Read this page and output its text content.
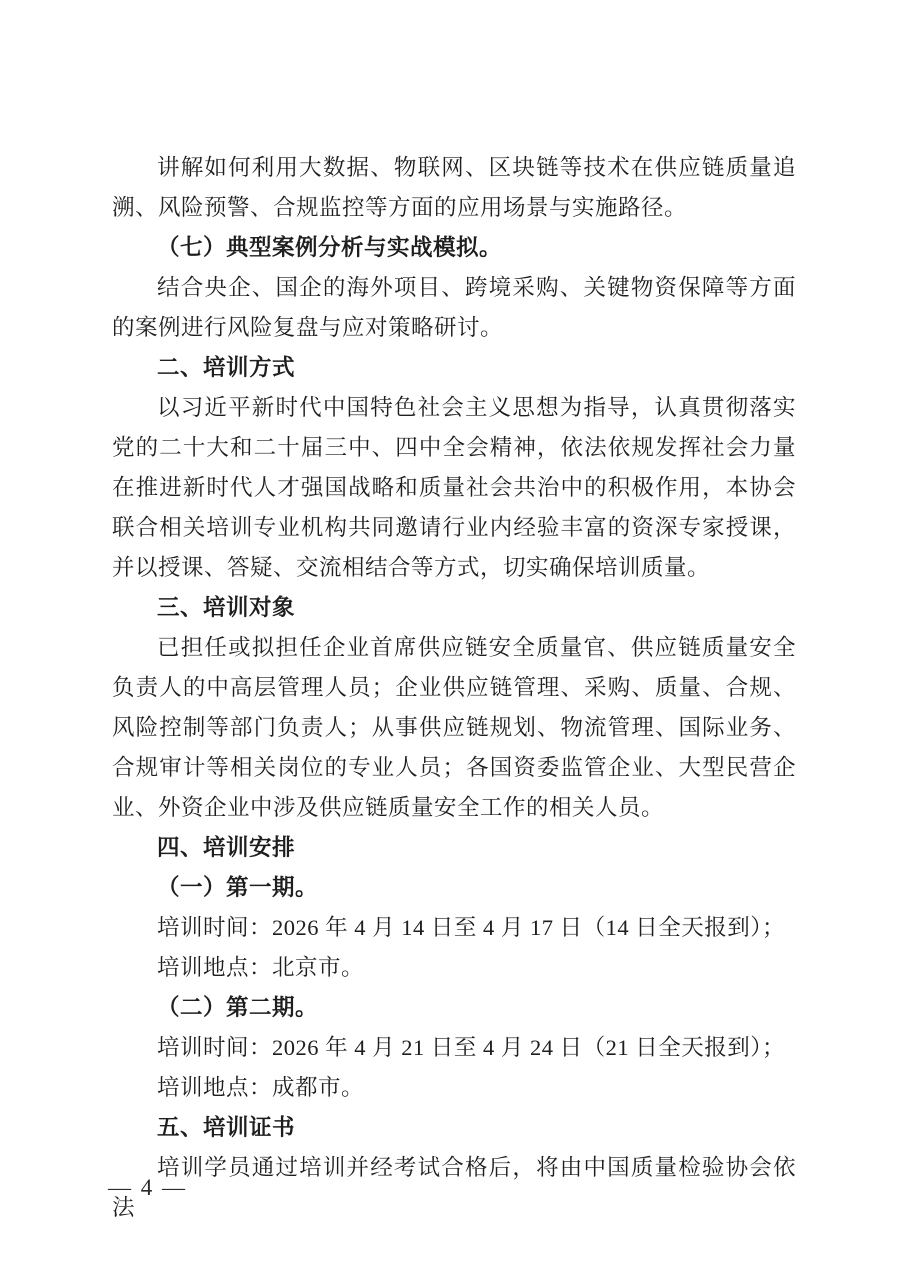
讲解如何利用大数据、物联网、区块链等技术在供应链质量追溯、风险预警、合规监控等方面的应用场景与实施路径。

（七）典型案例分析与实战模拟。

结合央企、国企的海外项目、跨境采购、关键物资保障等方面的案例进行风险复盘与应对策略研讨。

二、培训方式

以习近平新时代中国特色社会主义思想为指导，认真贯彻落实党的二十大和二十届三中、四中全会精神，依法依规发挥社会力量在推进新时代人才强国战略和质量社会共治中的积极作用，本协会联合相关培训专业机构共同邀请行业内经验丰富的资深专家授课，并以授课、答疑、交流相结合等方式，切实确保培训质量。

三、培训对象

已担任或拟担任企业首席供应链安全质量官、供应链质量安全负责人的中高层管理人员；企业供应链管理、采购、质量、合规、风险控制等部门负责人；从事供应链规划、物流管理、国际业务、合规审计等相关岗位的专业人员；各国资委监管企业、大型民营企业、外资企业中涉及供应链质量安全工作的相关人员。

四、培训安排

（一）第一期。

培训时间：2026 年 4 月 14 日至 4 月 17 日（14 日全天报到）；

培训地点：北京市。

（二）第二期。

培训时间：2026 年 4 月 21 日至 4 月 24 日（21 日全天报到）；

培训地点：成都市。

五、培训证书

培训学员通过培训并经考试合格后，将由中国质量检验协会依法

— 4 —
